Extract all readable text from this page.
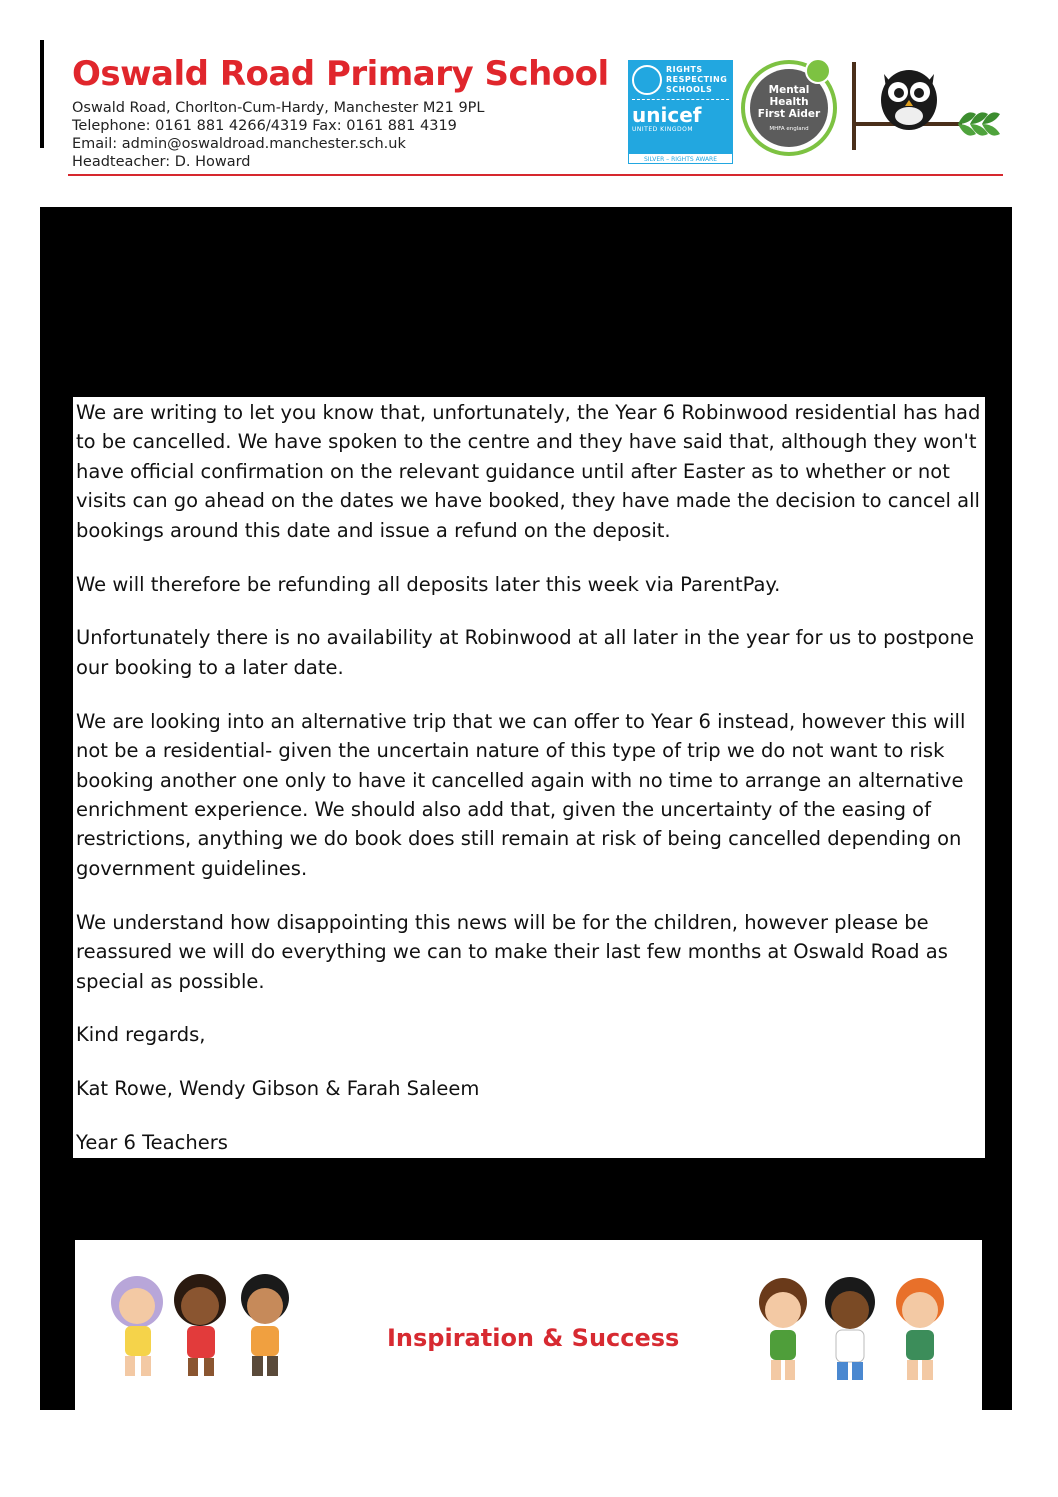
Oswald Road Primary School
Oswald Road, Chorlton-Cum-Hardy, Manchester M21 9PL
Telephone: 0161 881 4266/4319 Fax: 0161 881 4319
Email: admin@oswaldroad.manchester.sch.uk
Headteacher: D. Howard
RIGHTS
RESPECTING
SCHOOLS
unicef
UNITED KINGDOM
SILVER – RIGHTS AWARE
Mental Health
First Aider
MHFA england

We are writing to let you know that, unfortunately, the Year 6 Robinwood residential has had to be cancelled. We have spoken to the centre and they have said that, although they won't have official confirmation on the relevant guidance until after Easter as to whether or not visits can go ahead on the dates we have booked, they have made the decision to cancel all bookings around this date and issue a refund on the deposit.

We will therefore be refunding all deposits later this week via ParentPay.

Unfortunately there is no availability at Robinwood at all later in the year for us to postpone our booking to a later date.

We are looking into an alternative trip that we can offer to Year 6 instead, however this will not be a residential- given the uncertain nature of this type of trip we do not want to risk booking another one only to have it cancelled again with no time to arrange an alternative enrichment experience. We should also add that, given the uncertainty of the easing of restrictions, anything we do book does still remain at risk of being cancelled depending on government guidelines.

We understand how disappointing this news will be for the children, however please be reassured we will do everything we can to make their last few months at Oswald Road as special as possible.

Kind regards,

Kat Rowe, Wendy Gibson & Farah Saleem

Year 6 Teachers

Inspiration & Success
